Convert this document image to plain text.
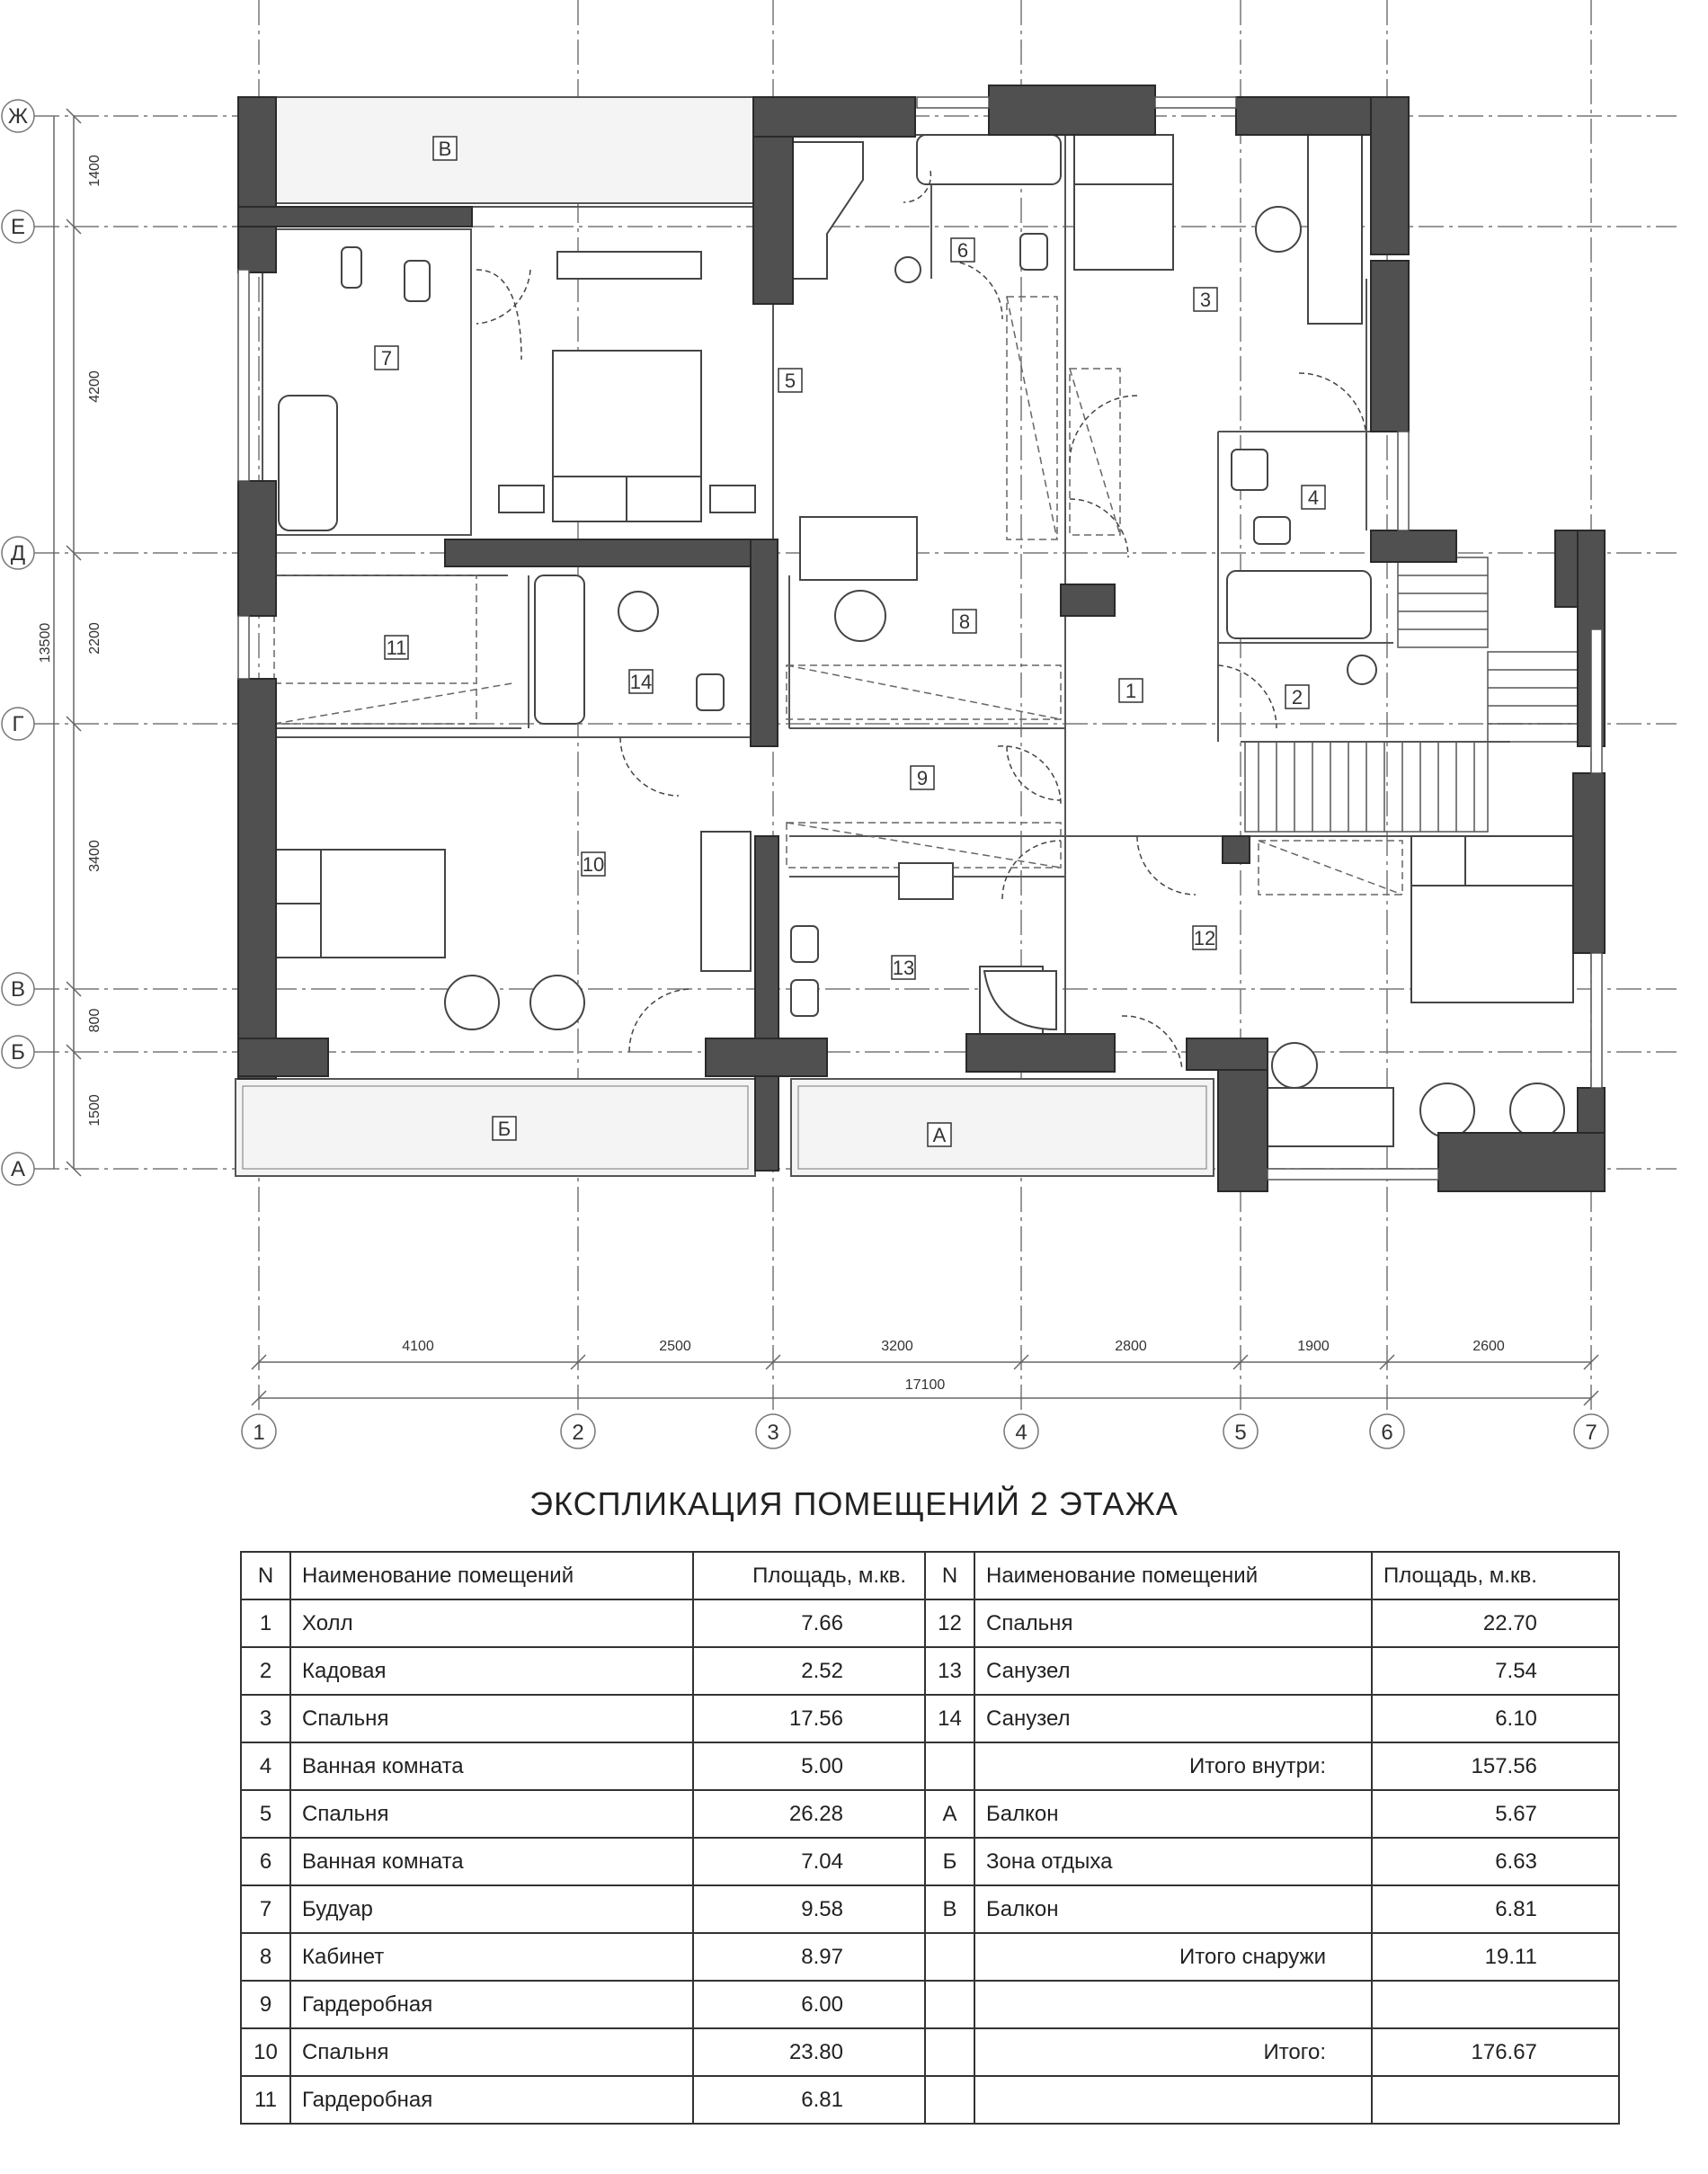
Ж
Е
Д
Г
В
Б
А
1	2	3	4	5	6	7
1400
4200
2200
3400
800
1500
13500
4100	2500	3200	2800	1900	2600
17100
1	2
3
4
5
6
7
8
9
10
11
12
13
14
А
Б
В
ЭКСПЛИКАЦИЯ ПОМЕЩЕНИЙ 2 ЭТАЖА
N	Наименование помещений	Площадь, м.кв.	N	Наименование помещений	Площадь, м.кв.
1	Холл	7.66	12	Спальня	22.70
2	Кадовая	2.52	13	Санузел	7.54
3	Спальня	17.56	14	Санузел	6.10
4	Ванная комната	5.00		Итого внутри:	157.56
5	Спальня	26.28	А	Балкон	5.67
6	Ванная комната	7.04	Б	Зона отдыха	6.63
7	Будуар	9.58	В	Балкон	6.81
8	Кабинет	8.97		Итого снаружи	19.11
9	Гардеробная	6.00			
10	Спальня	23.80		Итого:	176.67
11	Гардеробная	6.81			
